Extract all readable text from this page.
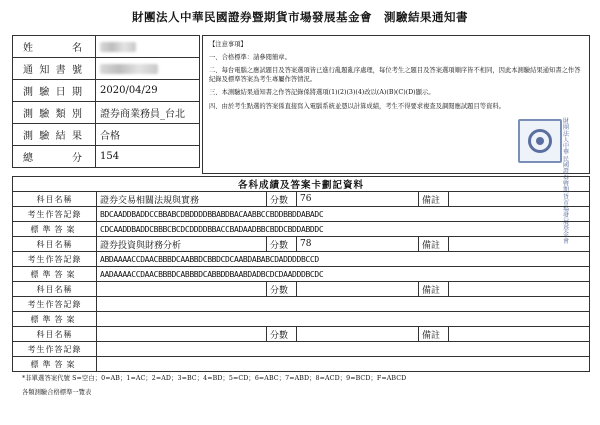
財團法人中華民國證券暨期貨市場發展基金會　測驗結果通知書
姓名	
通知書號	
測驗日期	2020/04/29
測驗類別	證券商業務員_台北
測驗結果	合格
總分	154

【注意事項】

一、合格標準：請參閱簡章。

二、每台電腦之應試題目及答案選項皆已進行亂題亂序處理，每位考生之題目及答案選項順序皆不相同，因此本測驗結果通知書之作答紀錄及標準答案為考生專屬作答情況。

三、本測驗結果通知書之作答記錄係將選項(1)(2)(3)(4)改以(A)(B)(C)(D)顯示。

四、由於考生點選的答案係直接寫入電腦系統並憑以計算成績，考生不得要求複查及調閱應試題目等資料。

財團法人中華民國證券暨期貨市場發展基金會
各科成績及答案卡劃記資料					
科目名稱	證券交易相關法規與實務	分數	76	備註	
考生作答記錄	BDCAADDBADDCCBBABCDBDDDDBBABDBACAABBCCBDDBBDDABADC				
標準答案	CDCAADDBADDCBBBCBCDCDDDDBBACCBADAADBBCBDDCBDDABDDC				
科目名稱	證券投資與財務分析	分數	78	備註	
考生作答記錄	ABDAAAACCDAACBBBDCAABBDCBBDCDCAABDABABCDADDDDBCCD				
標準答案	AADAAAACCDAACBBBDCABBBDCABBDDBAABDADBCDCDAADDDBCDC				
科目名稱		分數		備註	
考生作答記錄					
標準答案					
科目名稱		分數		備註	
考生作答記錄					
標準答案					
*非單選答案代號 S=空白；0=AB；1=AC；2=AD；3=BC；4=BD；5=CD；6=ABC；7=ABD；8=ACD；9=BCD；F=ABCD
各類測驗合格標準一覽表
